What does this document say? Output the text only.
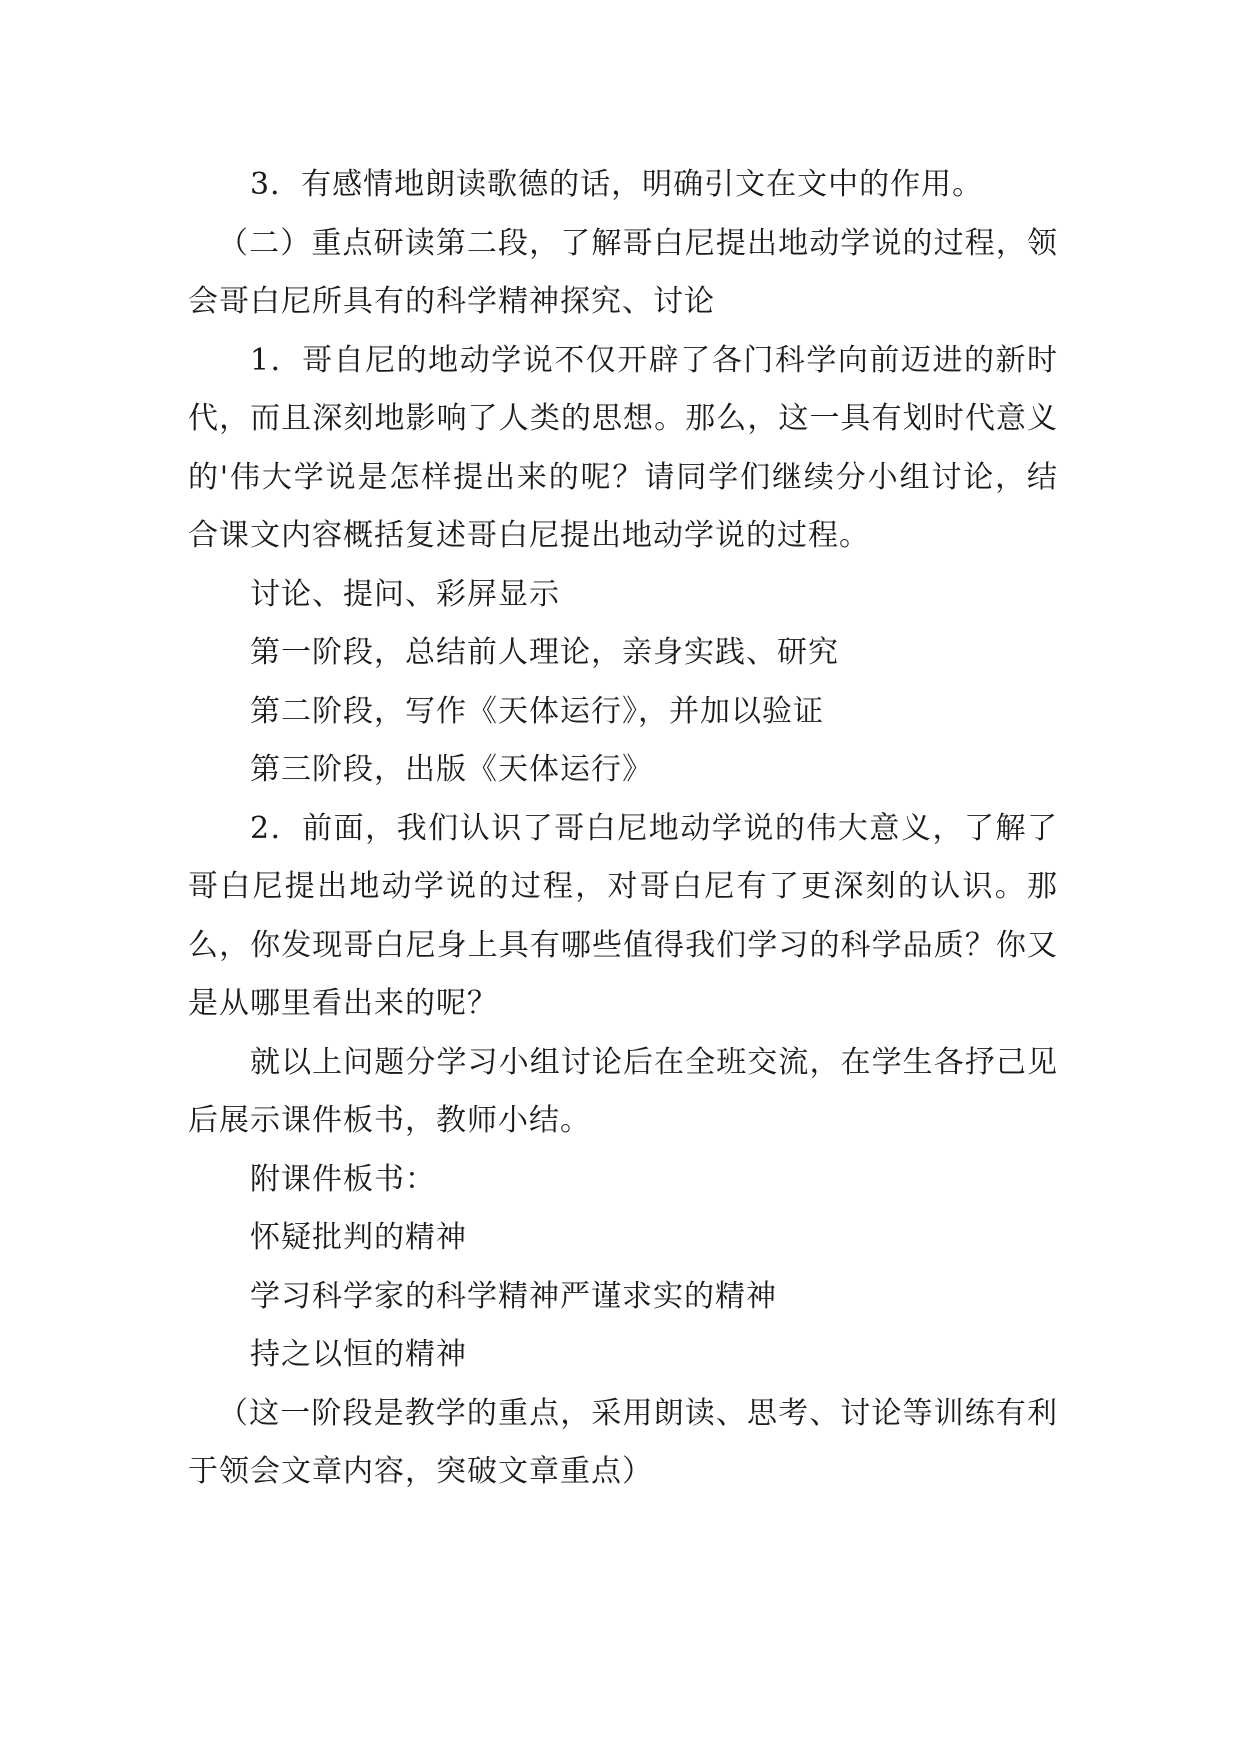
3．有感情地朗读歌德的话，明确引文在文中的作用。

（二）重点研读第二段，了解哥白尼提出地动学说的过程，领会哥白尼所具有的科学精神探究、讨论

1．哥自尼的地动学说不仅开辟了各门科学向前迈进的新时代，而且深刻地影响了人类的思想。那么，这一具有划时代意义的'伟大学说是怎样提出来的呢？请同学们继续分小组讨论，结合课文内容概括复述哥白尼提出地动学说的过程。

讨论、提问、彩屏显示

第一阶段，总结前人理论，亲身实践、研究

第二阶段，写作《天体运行》，并加以验证

第三阶段，出版《天体运行》

2．前面，我们认识了哥白尼地动学说的伟大意义，了解了哥白尼提出地动学说的过程，对哥白尼有了更深刻的认识。那么，你发现哥白尼身上具有哪些值得我们学习的科学品质？你又是从哪里看出来的呢？

就以上问题分学习小组讨论后在全班交流，在学生各抒己见后展示课件板书，教师小结。

附课件板书：

怀疑批判的精神

学习科学家的科学精神严谨求实的精神

持之以恒的精神

（这一阶段是教学的重点，采用朗读、思考、讨论等训练有利于领会文章内容，突破文章重点）
